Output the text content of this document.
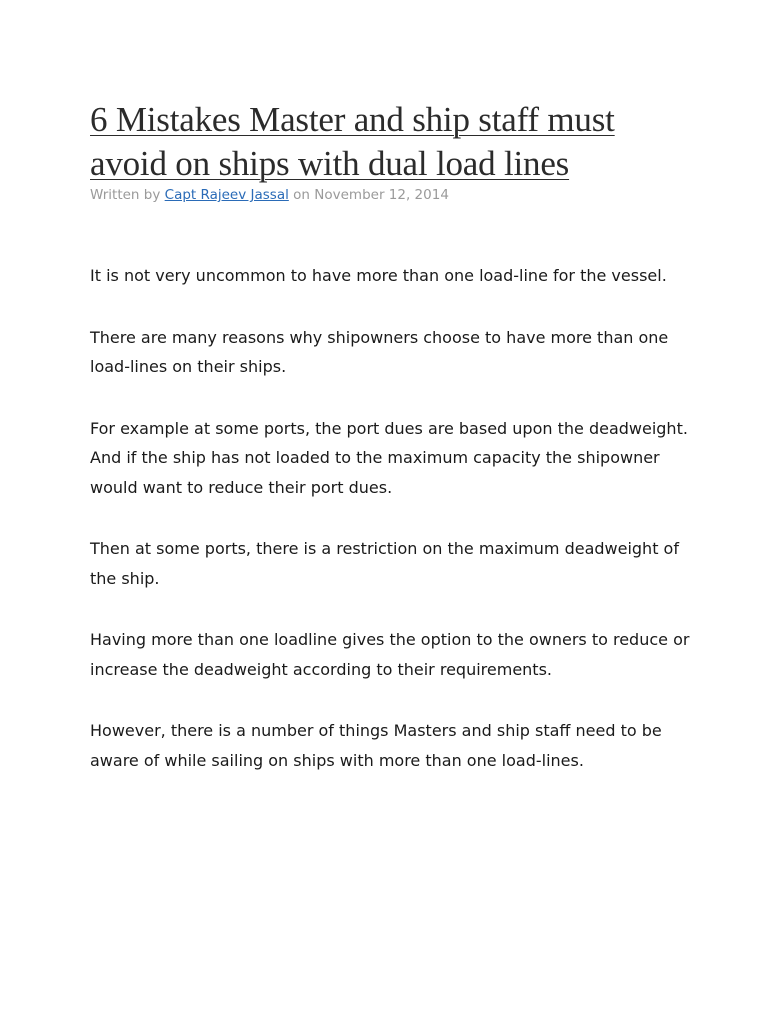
6 Mistakes Master and ship staff must avoid on ships with dual load lines
Written by Capt Rajeev Jassal on November 12, 2014

It is not very uncommon to have more than one load-line for the vessel.

There are many reasons why shipowners choose to have more than one load-lines on their ships.

For example at some ports, the port dues are based upon the deadweight. And if the ship has not loaded to the maximum capacity the shipowner would want to reduce their port dues.

Then at some ports, there is a restriction on the maximum deadweight of the ship.

Having more than one loadline gives the option to the owners to reduce or increase the deadweight according to their requirements.

However, there is a number of things Masters and ship staff need to be aware of while sailing on ships with more than one load-lines.
